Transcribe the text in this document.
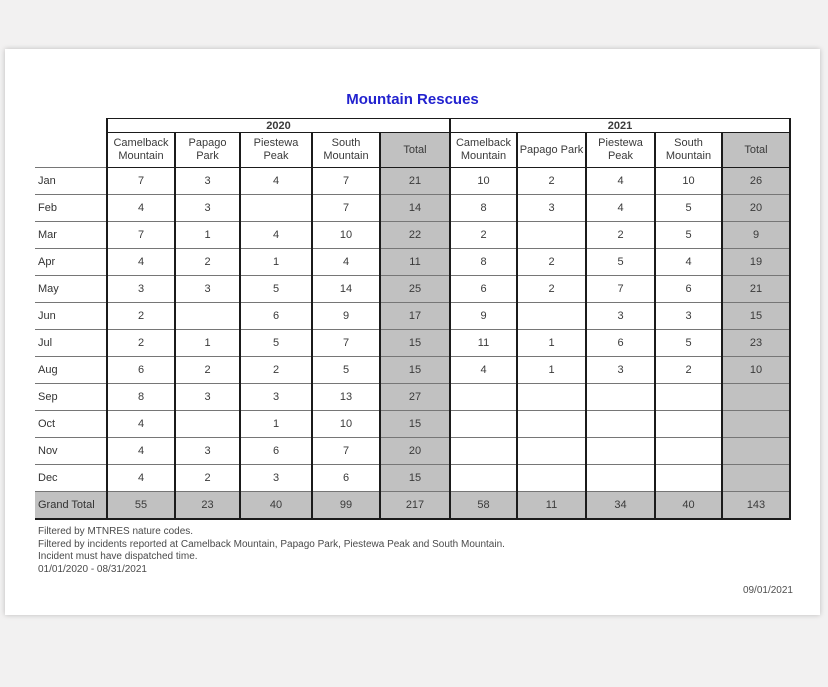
Mountain Rescues
	2020					2021				
	Camelback Mountain	Papago Park	Piestewa Peak	South Mountain	Total	Camelback Mountain	Papago Park	Piestewa Peak	South Mountain	Total
Jan	7	3	4	7	21	10	2	4	10	26
Feb	4	3		7	14	8	3	4	5	20
Mar	7	1	4	10	22	2		2	5	9
Apr	4	2	1	4	11	8	2	5	4	19
May	3	3	5	14	25	6	2	7	6	21
Jun	2		6	9	17	9		3	3	15
Jul	2	1	5	7	15	11	1	6	5	23
Aug	6	2	2	5	15	4	1	3	2	10
Sep	8	3	3	13	27					
Oct	4		1	10	15					
Nov	4	3	6	7	20					
Dec	4	2	3	6	15					
Grand Total	55	23	40	99	217	58	11	34	40	143
Filtered by MTNRES nature codes.
Filtered by incidents reported at Camelback Mountain, Papago Park, Piestewa Peak and South Mountain.
Incident must have dispatched time.
01/01/2020 - 08/31/2021
09/01/2021
